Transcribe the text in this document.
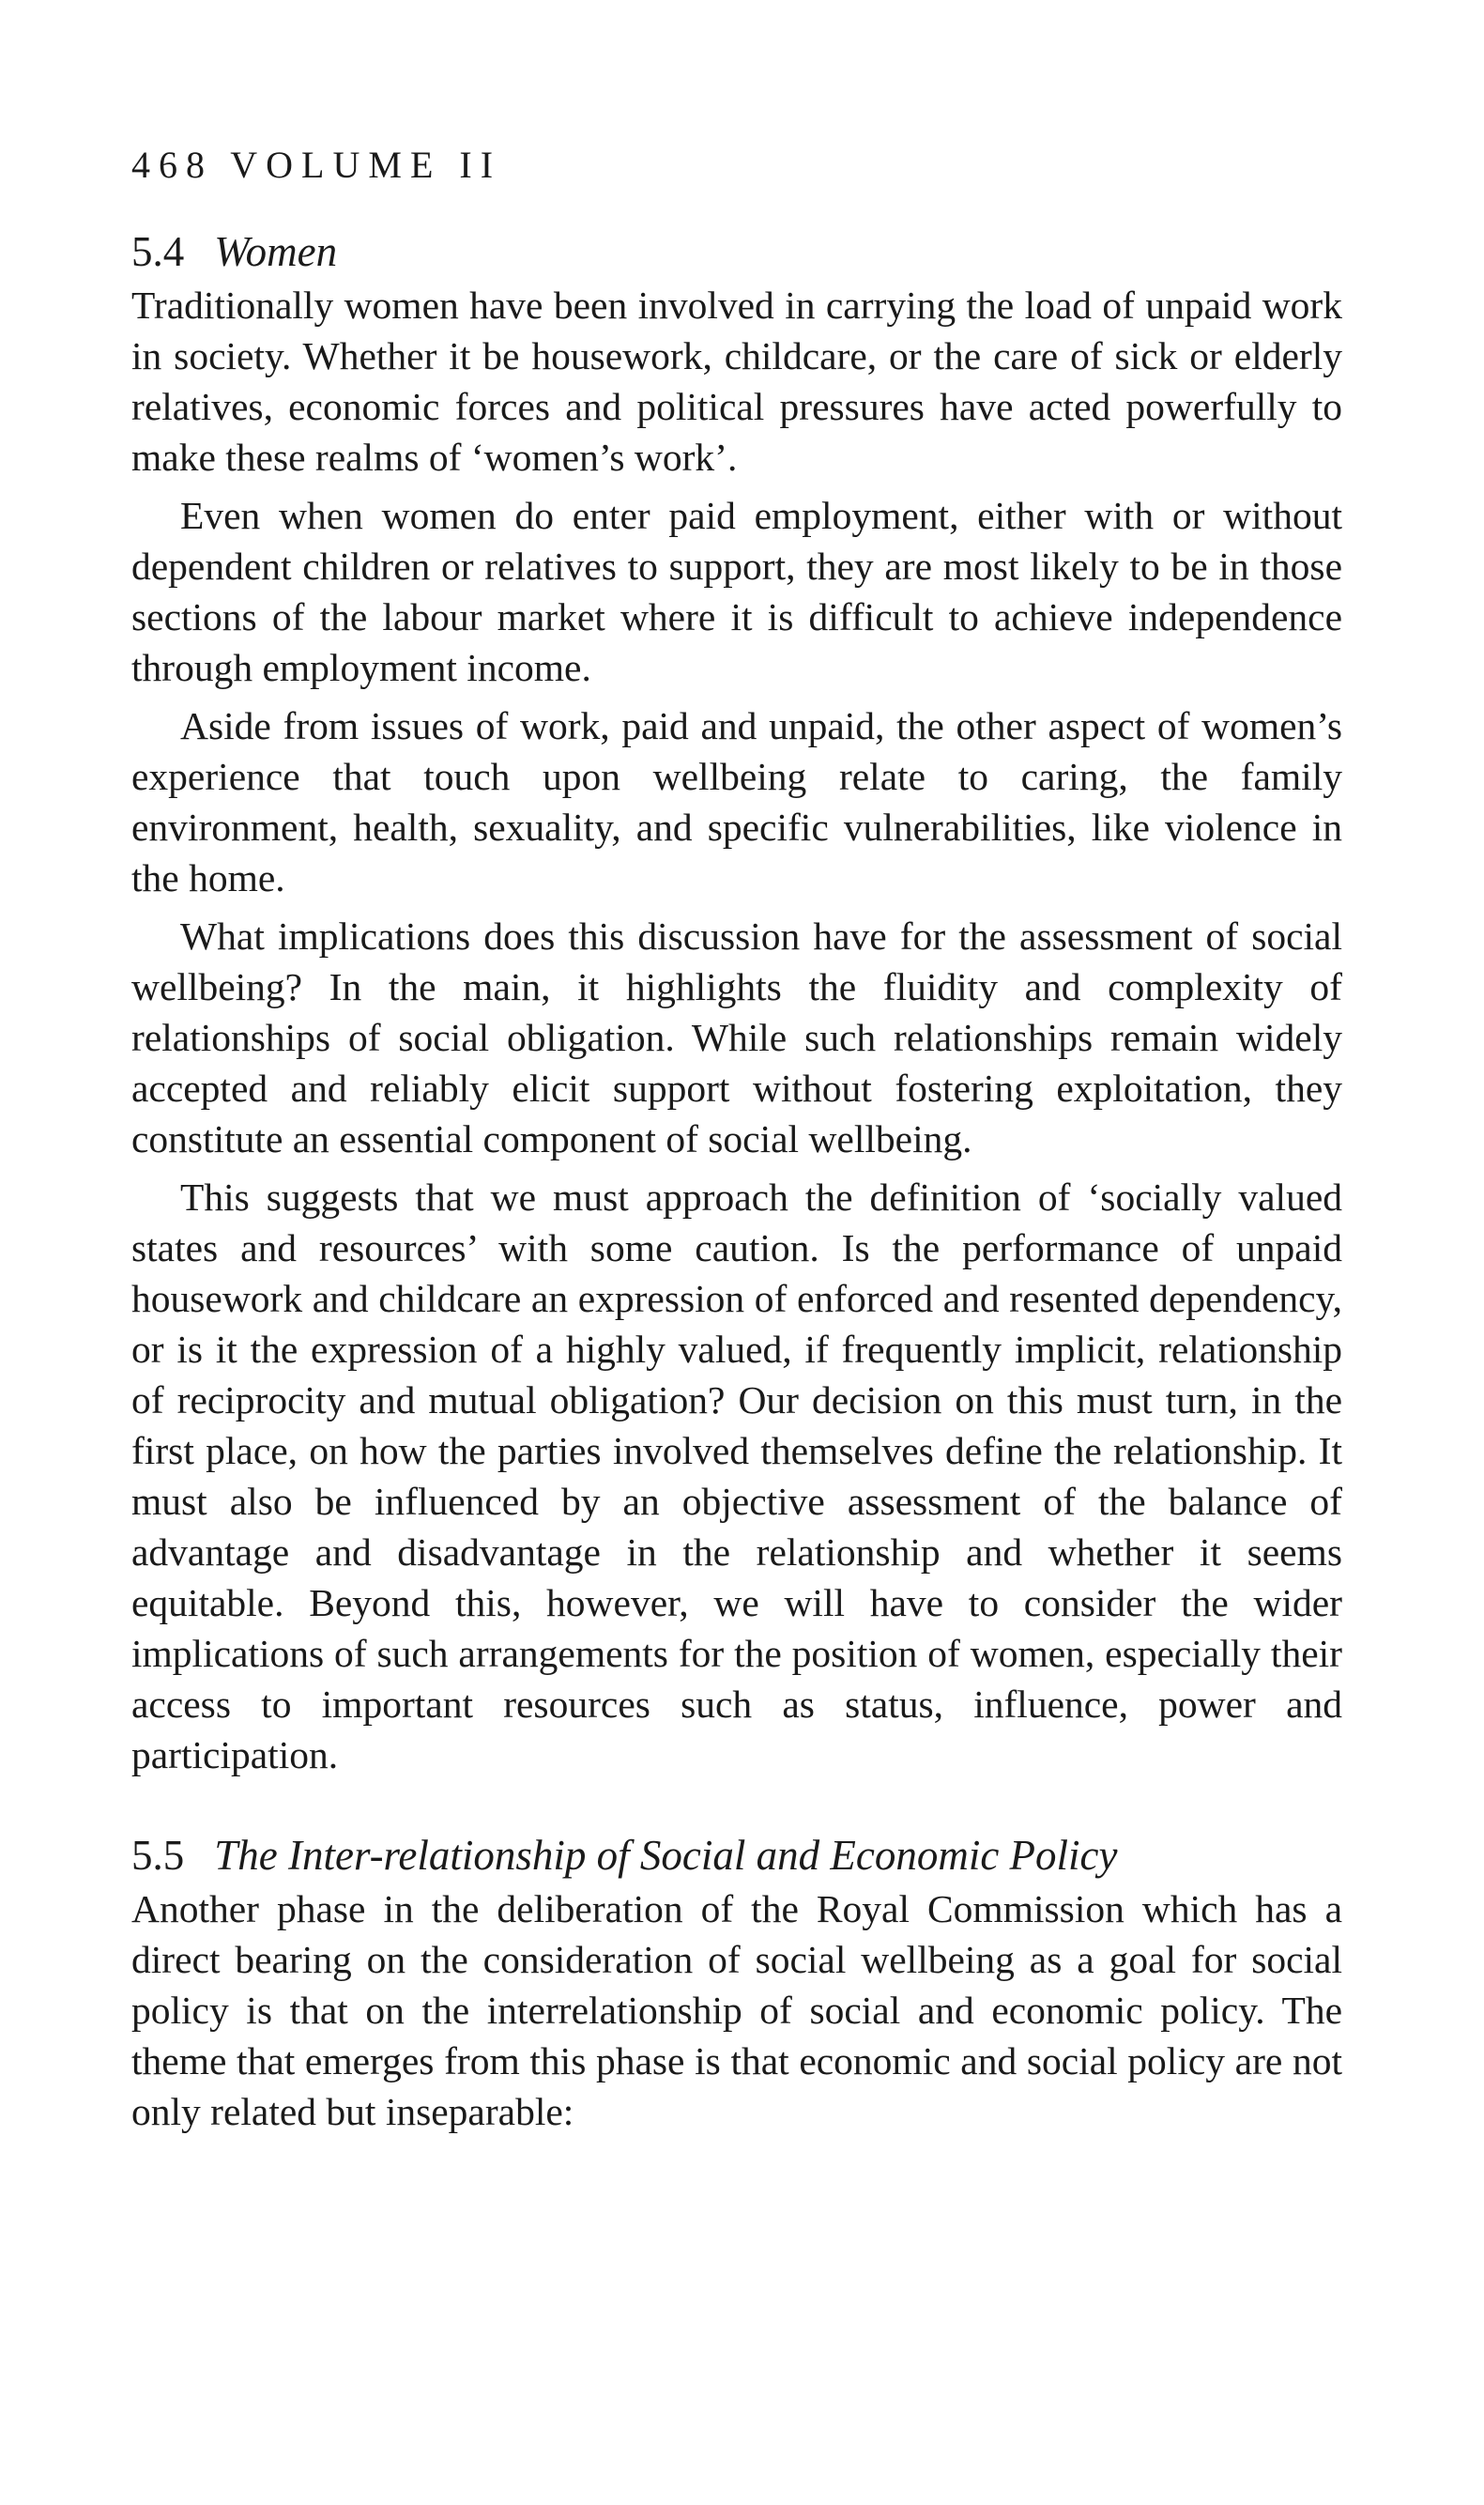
468 VOLUME II
5.4 Women

Traditionally women have been involved in carrying the load of unpaid work in society. Whether it be housework, childcare, or the care of sick or elderly relatives, economic forces and political pressures have acted powerfully to make these realms of ‘women’s work’.

Even when women do enter paid employment, either with or without dependent children or relatives to support, they are most likely to be in those sections of the labour market where it is difficult to achieve independence through employment income.

Aside from issues of work, paid and unpaid, the other aspect of women’s experience that touch upon wellbeing relate to caring, the family environment, health, sexuality, and specific vulnerabilities, like violence in the home.

What implications does this discussion have for the assessment of social wellbeing? In the main, it highlights the fluidity and complexity of relationships of social obligation. While such relationships remain widely accepted and reliably elicit support without fostering exploitation, they constitute an essential component of social wellbeing.

This suggests that we must approach the definition of ‘socially valued states and resources’ with some caution. Is the performance of unpaid housework and childcare an expression of enforced and resented dependency, or is it the expression of a highly valued, if frequently implicit, relationship of reciprocity and mutual obligation? Our decision on this must turn, in the first place, on how the parties involved themselves define the relationship. It must also be influenced by an objective assessment of the balance of advantage and disadvantage in the relationship and whether it seems equitable. Beyond this, however, we will have to consider the wider implications of such arrangements for the position of women, especially their access to important resources such as status, influence, power and participation.

5.5 The Inter-relationship of Social and Economic Policy

Another phase in the deliberation of the Royal Commission which has a direct bearing on the consideration of social wellbeing as a goal for social policy is that on the interrelationship of social and economic policy. The theme that emerges from this phase is that economic and social policy are not only related but inseparable:
